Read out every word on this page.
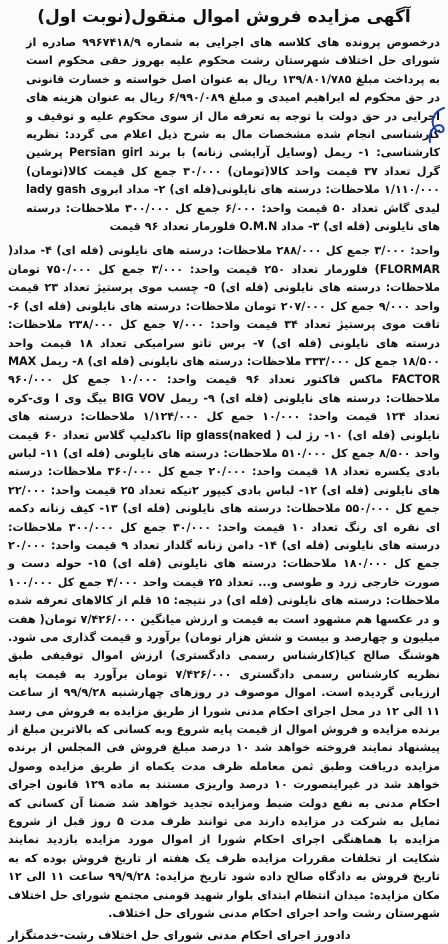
آگهی مزایده فروش اموال منقول(نوبت اول)

درخصوص پرونده های کلاسه های اجرایی به شماره ۹۹۶۷۴۱۸/۹ صادره از شورای حل اختلاف شهرستان رشت محکوم علیه بهروز حقی محکوم است به پرداخت مبلغ ۱۳۹/۸۰۱/۷۸۵ ریال به عنوان اصل خواسته و خسارت قانونی در حق محکوم له ابراهیم امیدی و مبلغ ۶/۹۹۰/۰۸۹ ریال به عنوان هزینه های اجرایی در حق دولت با توجه به تعرفه مال از سوی محکوم علیه و توقیف و کارشناسی انجام شده مشخصات مال به شرح ذیل اعلام می گردد: نظریه کارشناسی: ۱- ریمل (وسایل آرایشی زنانه) با برند Persian girl پرشین گرل تعداد ۳۷ قیمت واحد کالا(تومان) ۳۰/۰۰۰ جمع کل قیمت کالا(تومان) ۱/۱۱۰/۰۰۰ ملاحظات: درسته های نایلونی(فله ای) ۲- مداد ابروی lady gash لیدی گاش تعداد ۵۰ قیمت واحد: ۶/۰۰۰ جمع کل ۳۰۰/۰۰۰ ملاحظات: درسته های نایلونی (فله ای) ۳- مداد O.M.N فلورمار تعداد ۹۶ قیمت

واحد: ۳/۰۰۰ جمع کل ۲۸۸/۰۰۰ ملاحظات: درسته های نایلونی (فله ای) ۴- مداد( FLORMAR) فلورمار تعداد ۲۵۰ قیمت واحد: ۳/۰۰۰ جمع کل ۷۵۰/۰۰۰ تومان ملاحظات: درسته های نایلونی (فله ای) ۵- چسب موی پرستیژ تعداد ۲۳ قیمت واحد ۹/۰۰۰ جمع کل ۲۰۷/۰۰۰ تومان ملاحظات: درسته های نایلونی (فله ای) ۶- تافت موی پرستیژ تعداد ۳۴ قیمت واحد: ۷/۰۰۰ جمع کل ۲۳۸/۰۰۰ ملاحظات: درسته های نایلونی (فله ای) ۷- برس تاتو سرامیکی تعداد ۱۸ قیمت واحد ۱۸/۵۰۰ جمع کل ۳۳۳/۰۰۰ ملاحظات: درسته های نایلونی (فله ای) ۸- ریمل MAX FACTOR ماکس فاکتور تعداد ۹۶ قیمت واحد: ۱۰/۰۰۰ جمع کل ۹۶۰/۰۰۰ ملاحظات: درسته های نایلونی (فله ای) ۹- ریمل BIG VOV بیگ وی ا وی-کره تعداد ۱۲۴ قیمت واحد: ۱۰/۰۰۰ جمع کل ۱/۱۲۴/۰۰۰ ملاحظات: درسته های نایلونی (فله ای) ۱۰- رژ لب lip glass(naked ) ناکدلیپ گلاس تعداد ۶۰ قیمت واحد ۸/۵۰۰ جمع کل ۵۱۰/۰۰۰ ملاحظات: درسته های نایلونی (فله ای) ۱۱- لباس بادی یکسره تعداد ۱۸ قیمت واحد: ۲۰/۰۰۰ جمع کل ۳۶۰/۰۰۰ ملاحظات: درسته های نایلونی (فله ای) ۱۲- لباس بادی کیپور ۲تیکه تعداد ۲۵ قیمت واحد: ۲۲/۰۰۰ جمع کل ۵۵۰/۰۰۰ ملاحظات: درسته های نایلونی (فله ای) ۱۳- کیف زنانه دکمه ای نقره ای رنگ تعداد ۱۰ قیمت واحد: ۳۰/۰۰۰ جمع کل ۳۰۰/۰۰۰ ملاحظات: درسته های نایلونی (فله ای) ۱۴- دامن زنانه گلدار تعداد ۹ قیمت واحد: ۲۰/۰۰۰ جمع کل ۱۸۰/۰۰۰ ملاحظات: درسته های نایلونی (فله ای) ۱۵- حوله دست و صورت خارجی زرد و طوسی و... تعداد ۲۵ قیمت واحد ۴/۰۰۰ جمع کل ۱۰۰/۰۰۰ ملاحظات: درسته های نایلونی (فله ای) در نتیجه: ۱۵ قلم از کالاهای تعرفه شده و در عکسها هم مشهود است به قیمت و ارزش میانگین ۷/۴۲۶/۰۰۰ تومان( هفت میلیون و چهارصد و بیست و شش هزار تومان) برآورد و قیمت گذاری می شود. هوشنگ صالح کیا(کارشناس رسمی دادگستری) ارزش اموال توقیفی طبق نظریه کارشناس رسمی دادگستری ۷/۴۲۶/۰۰۰ تومان برآورد به قیمت پایه ارزیابی گردیده است. اموال موصوف در روزهای چهارشنبه ۹۹/۹/۲۸ از ساعت ۱۱ الی ۱۲ در محل اجرای احکام مدنی شورا از طریق مزایده به فروش می رسد برنده مزایده و فروش اموال از قیمت پایه شروع وبه کسانی که بالاترین مبلغ از پیشنهاد نمایند فروخته خواهد شد ۱۰ درصد مبلغ فروش فی المجلس از برنده مزایده دریافت وطبق ثمن معامله ظرف مدت یکماه از طریق مزایده وصول خواهد شد در غیراینصورت ۱۰ درصد واریزی مستند به ماده ۱۲۹ قانون اجرای احکام مدنی به نفع دولت ضبط ومزایده تجدید خواهد شد ضمنا آن کسانی که تمایل به شرکت در مزایده دارند می توانند ظرف مدت ۵ روز قبل از شروع مزایده با هماهنگی اجرای احکام شورا از اموال مورد مزایده بازدید نمایند شکایت از تخلفات مقررات مزایده ظرف یک هفته از تاریخ فروش بوده که به تاریخ فروش به دادگاه صالح داده شود تاریخ مزایده: ۹۹/۹/۲۸ ساعت ۱۱ الی ۱۲ مکان مزایده: میدان انتظام ابتدای بلوار شهید قومنی مجتمع شورای حل اختلاف شهرستان رشت واحد اجرای احکام مدنی شورای حل اختلاف.

دادورز اجرای احکام مدنی شورای حل اختلاف رشت-خدمتگزار
